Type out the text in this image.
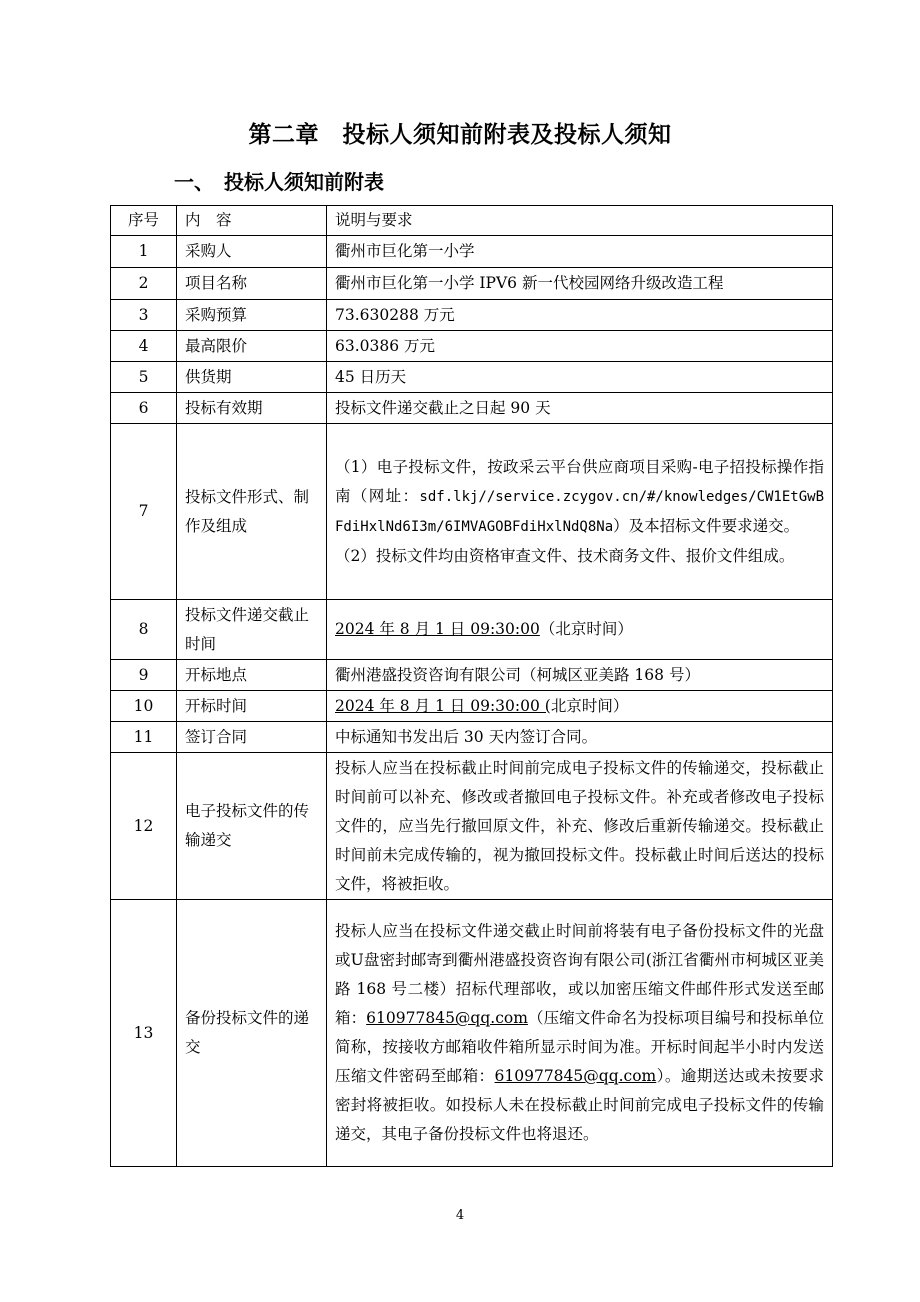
第二章　投标人须知前附表及投标人须知
一、　投标人须知前附表
序号	内　容	说明与要求
1	采购人	衢州市巨化第一小学
2	项目名称	衢州市巨化第一小学 IPV6 新一代校园网络升级改造工程
3	采购预算	73.630288 万元
4	最高限价	63.0386 万元
5	供货期	45 日历天
6	投标有效期	投标文件递交截止之日起 90 天
7	投标文件形式、制作及组成	（1）电子投标文件，按政采云平台供应商项目采购-电子招投标操作指南（网址：sdf.lkj//service.zcygov.cn/#/knowledges/CW1EtGwBFdiHxlNd6I3m/6IMVAGOBFdiHxlNdQ8Na）及本招标文件要求递交。
（2）投标文件均由资格审查文件、技术商务文件、报价文件组成。

8	投标文件递交截止时间	2024 年 8 月 1 日 09:30:00（北京时间）
9	开标地点	衢州港盛投资咨询有限公司（柯城区亚美路 168 号）
10	开标时间	2024 年 8 月 1 日 09:30:00 (北京时间）
11	签订合同	中标通知书发出后 30 天内签订合同。
12	电子投标文件的传输递交	投标人应当在投标截止时间前完成电子投标文件的传输递交，投标截止时间前可以补充、修改或者撤回电子投标文件。补充或者修改电子投标文件的，应当先行撤回原文件，补充、修改后重新传输递交。投标截止时间前未完成传输的，视为撤回投标文件。投标截止时间后送达的投标文件，将被拒收。
13	备份投标文件的递交	投标人应当在投标文件递交截止时间前将装有电子备份投标文件的光盘或U盘密封邮寄到衢州港盛投资咨询有限公司(浙江省衢州市柯城区亚美路 168 号二楼）招标代理部收，或以加密压缩文件邮件形式发送至邮箱：610977845@qq.com（压缩文件命名为投标项目编号和投标单位简称，按接收方邮箱收件箱所显示时间为准。开标时间起半小时内发送压缩文件密码至邮箱：610977845@qq.com）。逾期送达或未按要求密封将被拒收。如投标人未在投标截止时间前完成电子投标文件的传输递交，其电子备份投标文件也将退还。
4
